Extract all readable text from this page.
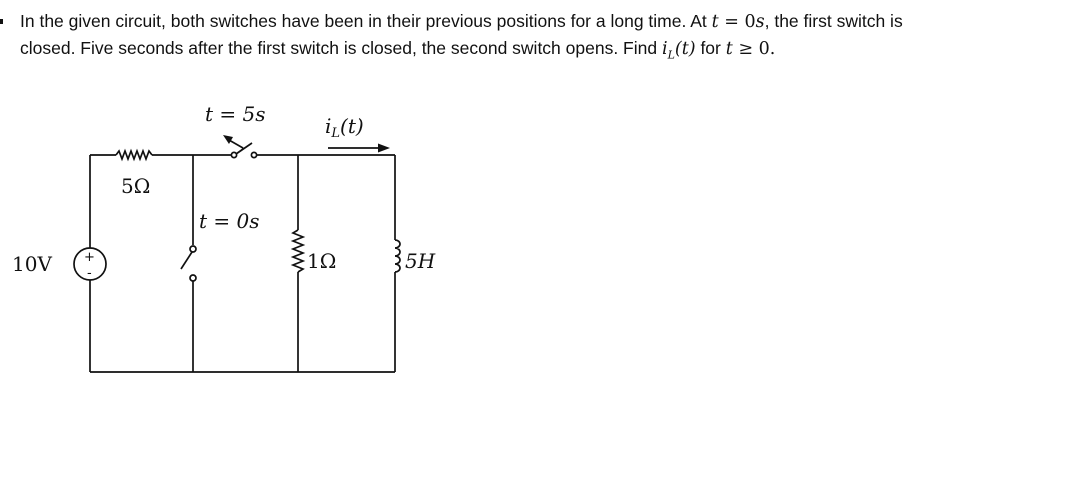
In the given circuit, both switches have been in their previous positions for a long time. At t = 0s, the first switch is
closed. Five seconds after the first switch is closed, the second switch opens. Find $i_L(t)$ for t ≥ 0.
10V +
-
5Ω
t = 5s
t = 0s
$i_L(t)$
1Ω	5H
